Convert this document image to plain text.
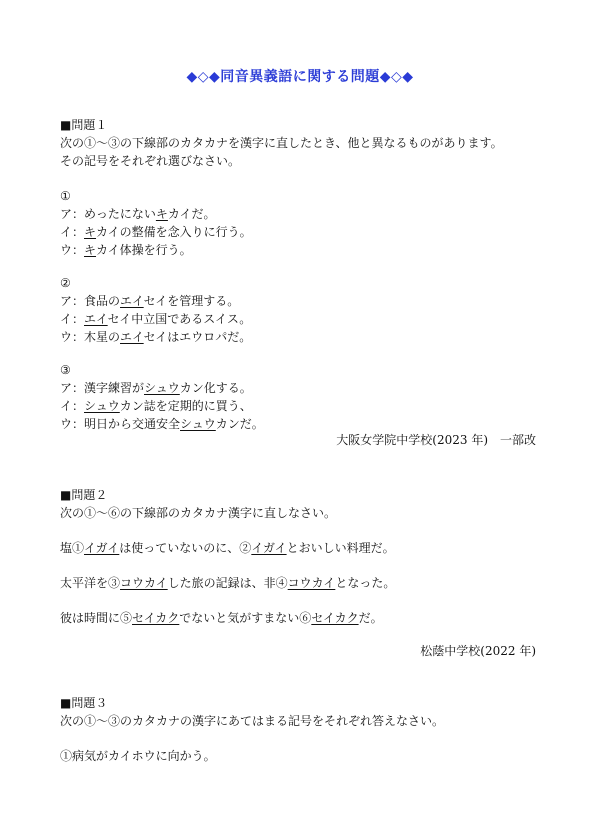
◆◇◆同音異義語に関する問題◆◇◆
■問題１
次の①～③の下線部のカタカナを漢字に直したとき、他と異なるものがあります。
その記号をそれぞれ選びなさい。
①
ア：めったにないキカイだ。
イ：キカイの整備を念入りに行う。
ウ：キカイ体操を行う。
②
ア：食品のエイセイを管理する。
イ：エイセイ中立国であるスイス。
ウ：木星のエイセイはエウロパだ。
③
ア：漢字練習がシュウカン化する。
イ：シュウカン誌を定期的に買う、
ウ：明日から交通安全シュウカンだ。
大阪女学院中学校(2023 年)　一部改
■問題２
次の①～⑥の下線部のカタカナ漢字に直しなさい。
塩①イガイは使っていないのに、②イガイとおいしい料理だ。
太平洋を③コウカイした旅の記録は、非④コウカイとなった。
彼は時間に⑤セイカクでないと気がすまない⑥セイカクだ。
松蔭中学校(2022 年)
■問題３
次の①～③のカタカナの漢字にあてはまる記号をそれぞれ答えなさい。
①病気がカイホウに向かう。
